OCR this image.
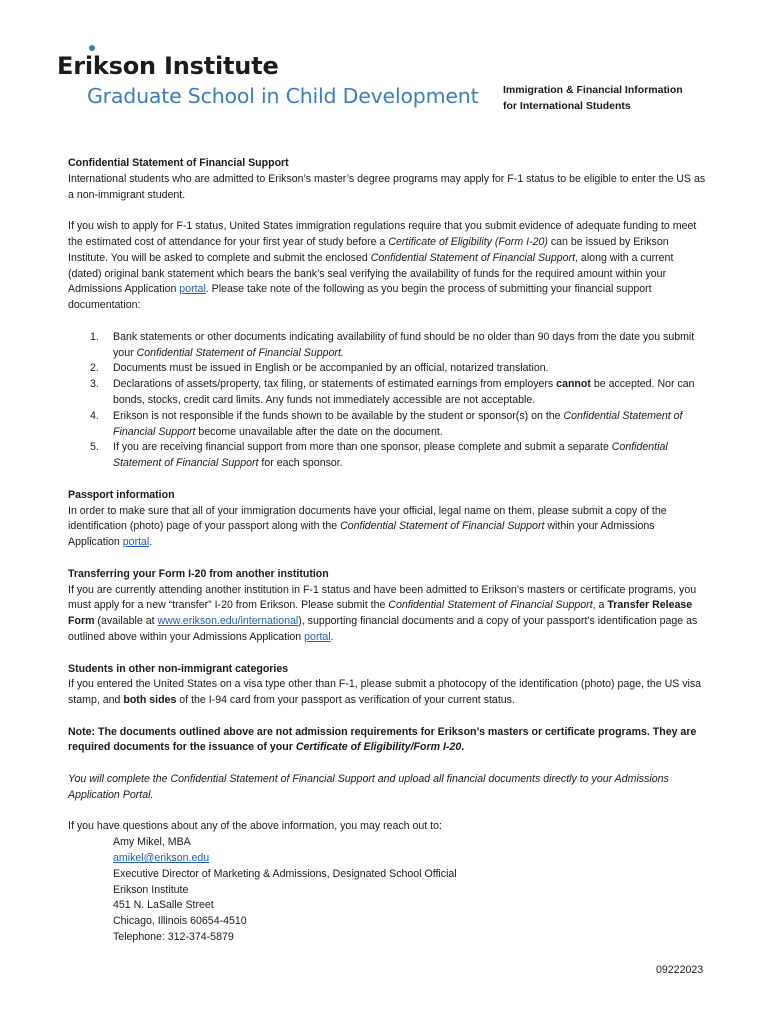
Erikson Institute
Graduate School in Child Development Immigration & Financial Information
for International Students

Confidential Statement of Financial Support

International students who are admitted to Erikson’s master’s degree programs may apply for F-1 status to be eligible to enter the US as a non-immigrant student.

If you wish to apply for F-1 status, United States immigration regulations require that you submit evidence of adequate funding to meet the estimated cost of attendance for your first year of study before a Certificate of Eligibility (Form I-20) can be issued by Erikson Institute. You will be asked to complete and submit the enclosed Confidential Statement of Financial Support, along with a current (dated) original bank statement which bears the bank’s seal verifying the availability of funds for the required amount within your Admissions Application portal. Please take note of the following as you begin the process of submitting your financial support documentation:

1. Bank statements or other documents indicating availability of fund should be no older than 90 days from the date you submit your Confidential Statement of Financial Support.
2. Documents must be issued in English or be accompanied by an official, notarized translation.
3. Declarations of assets/property, tax filing, or statements of estimated earnings from employers cannot be accepted. Nor can bonds, stocks, credit card limits. Any funds not immediately accessible are not acceptable.
4. Erikson is not responsible if the funds shown to be available by the student or sponsor(s) on the Confidential Statement of Financial Support become unavailable after the date on the document.
5. If you are receiving financial support from more than one sponsor, please complete and submit a separate Confidential Statement of Financial Support for each sponsor.

Passport information

In order to make sure that all of your immigration documents have your official, legal name on them, please submit a copy of the identification (photo) page of your passport along with the Confidential Statement of Financial Support within your Admissions Application portal.

Transferring your Form I-20 from another institution

If you are currently attending another institution in F-1 status and have been admitted to Erikson’s masters or certificate programs, you must apply for a new “transfer” I-20 from Erikson. Please submit the Confidential Statement of Financial Support, a Transfer Release Form (available at www.erikson.edu/international), supporting financial documents and a copy of your passport’s identification page as outlined above within your Admissions Application portal.

Students in other non-immigrant categories

If you entered the United States on a visa type other than F-1, please submit a photocopy of the identification (photo) page, the US visa stamp, and both sides of the I-94 card from your passport as verification of your current status.

Note: The documents outlined above are not admission requirements for Erikson’s masters or certificate programs. They are required documents for the issuance of your Certificate of Eligibility/Form I-20.

You will complete the Confidential Statement of Financial Support and upload all financial documents directly to your Admissions Application Portal.

If you have questions about any of the above information, you may reach out to:

Amy Mikel, MBA
amikel@erikson.edu
Executive Director of Marketing & Admissions, Designated School Official
Erikson Institute
451 N. LaSalle Street
Chicago, Illinois 60654-4510
Telephone: 312-374-5879
09222023
